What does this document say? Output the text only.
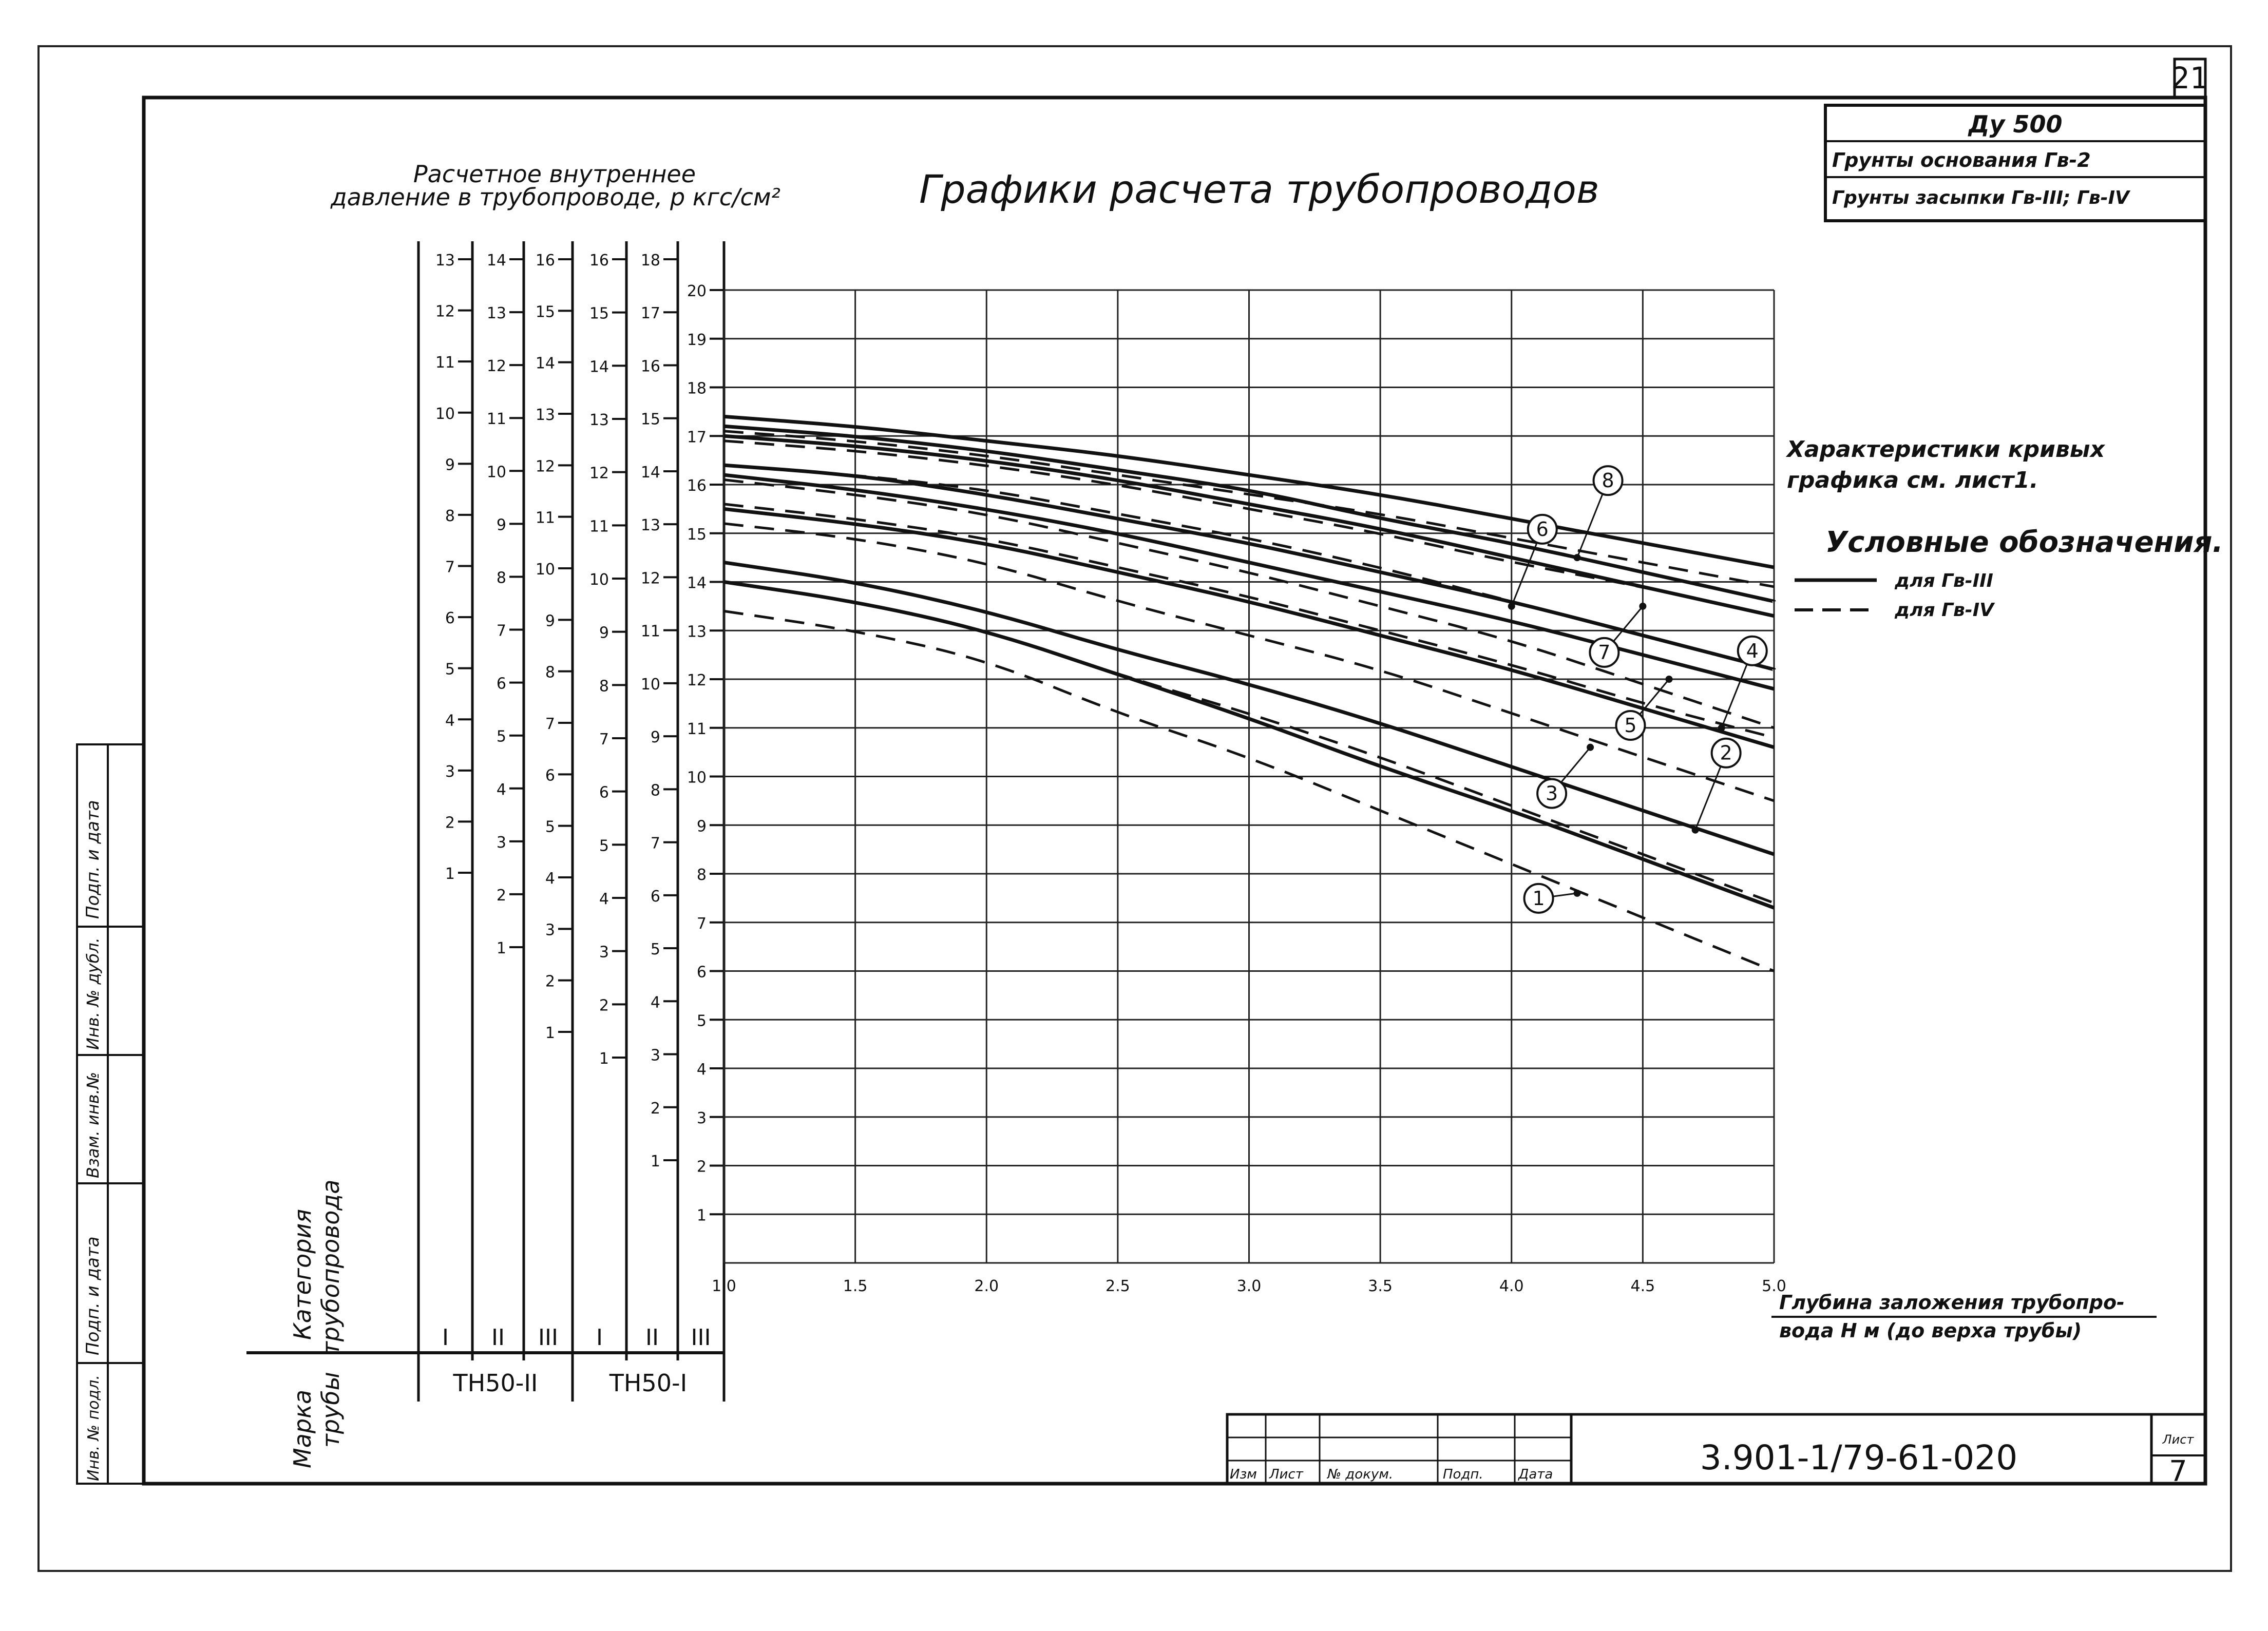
21
Ду 500
Грунты основания Гв-2
Грунты засыпки Гв-III; Гв-IV
Графики расчета трубопроводов
Расчетное внутреннее
давление в трубопроводе, р кгс/см²
Подп. и дата
Инв. № дубл.
Взам. инв.№
Подп. и дата
Инв. № подл.
Категория трубопровода
Марка трубы
1
2
3
4
5
6
7
8
9
10
11
12
13
I
1
2
3
4
5
6
7
8
9
10
11
12
13
14
II
1
2
3
4
5
6
7
8
9
10
11
12
13
14
15
16
III
1
2
3
4
5
6
7
8
9
10
11
12
13
14
15
16
I
1
2
3
4
5
6
7
8
9
10
11
12
13
14
15
16
17
18
II
1
2
3
4
5
6
7
8
9
10
11
12
13
14
15
16
17
18
19
20
III
TH50-II	TH50-I
1.0	1.5	2.0	2.5	3.0	3.5	4.0	4.5	5.0
1
2
3
4
5
6
7
8
Глубина заложения трубопро-
вода Н м (до верха трубы)
Характеристики кривых
графика см. лист1.
Условные обозначения.
для Гв-III
для Гв-IV
Изм Лист № докум.	Подп.	Дата	3.901-1/79-61-020	Лист
7
